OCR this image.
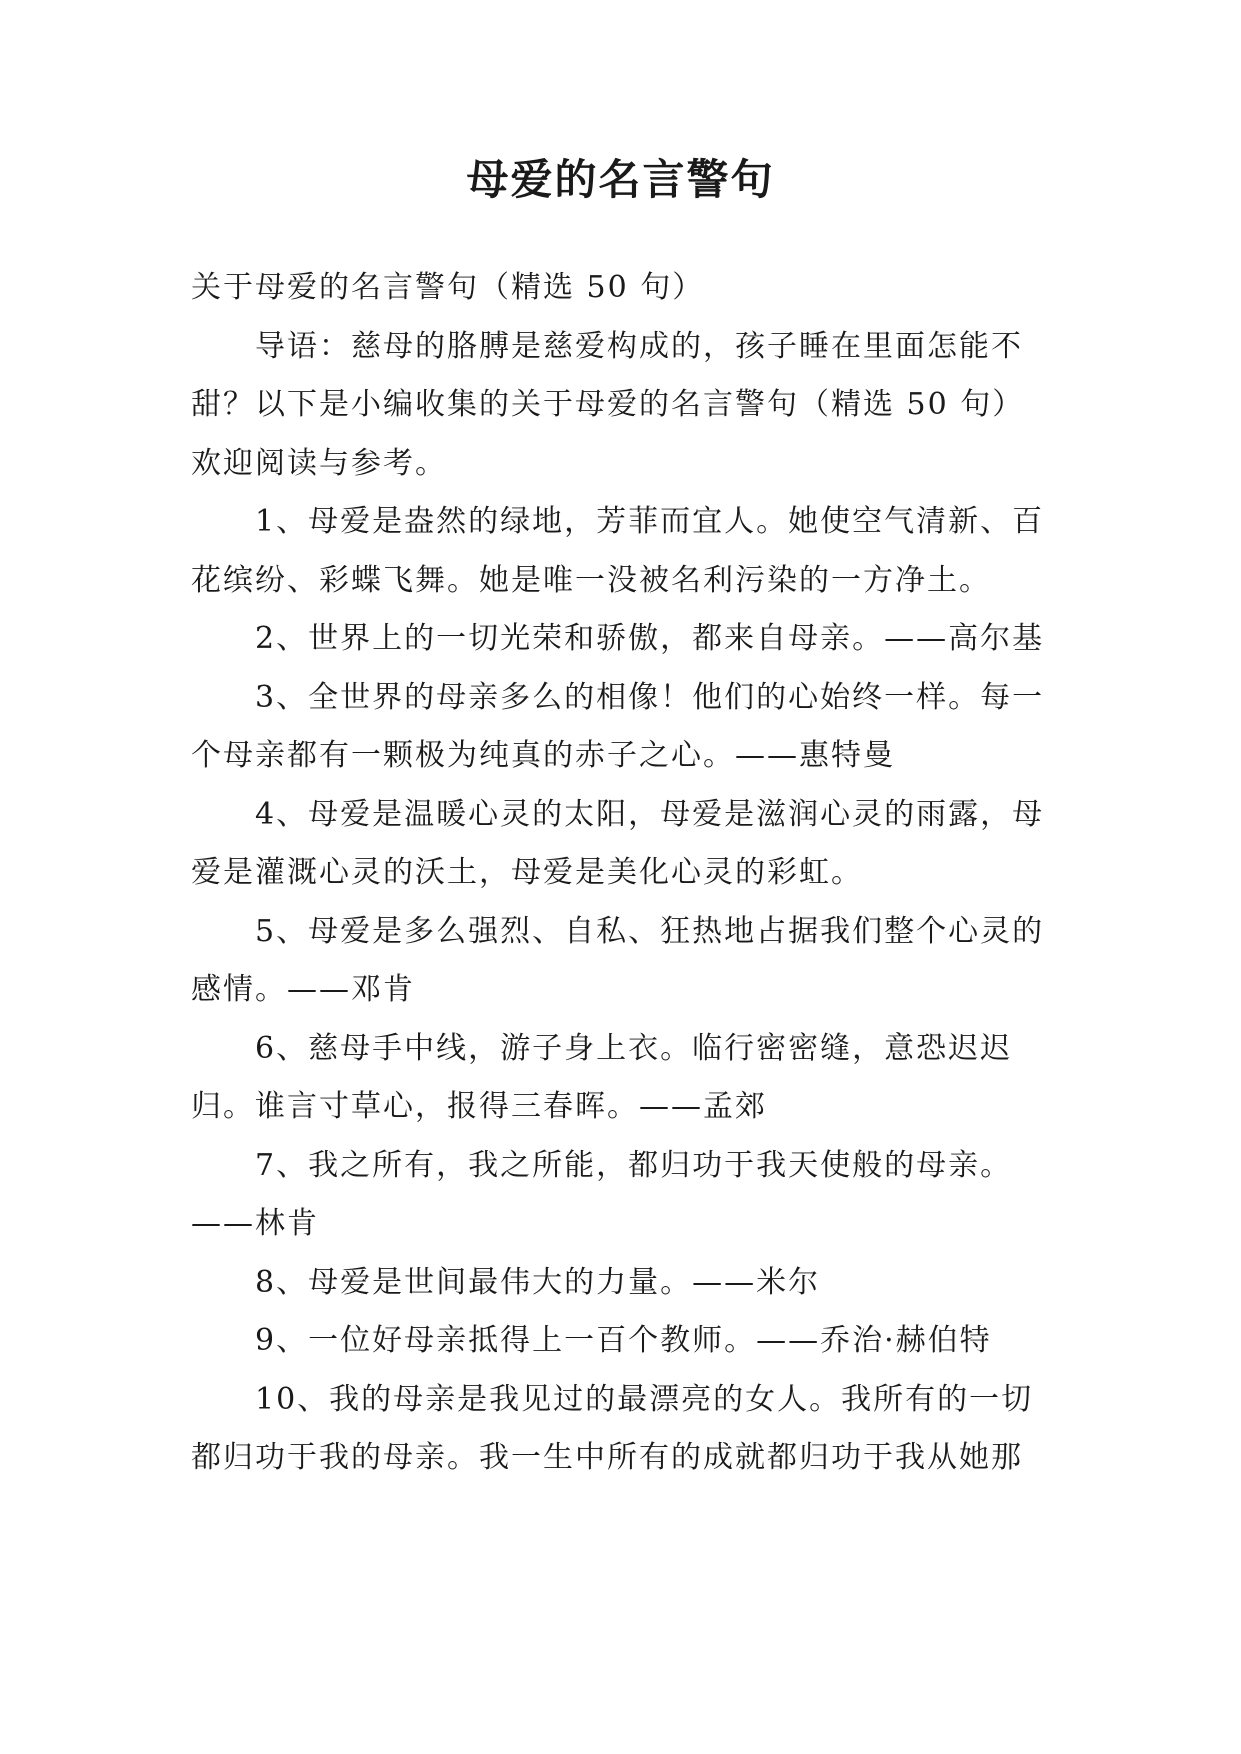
母爱的名言警句

关于母爱的名言警句（精选 50 句）

导语：慈母的胳膊是慈爱构成的，孩子睡在里面怎能不甜？以下是小编收集的关于母爱的名言警句（精选 50 句）欢迎阅读与参考。

1、母爱是盎然的绿地，芳菲而宜人。她使空气清新、百花缤纷、彩蝶飞舞。她是唯一没被名利污染的一方净土。

2、世界上的一切光荣和骄傲，都来自母亲。——高尔基

3、全世界的母亲多么的相像！他们的心始终一样。每一个母亲都有一颗极为纯真的赤子之心。——惠特曼

4、母爱是温暖心灵的太阳，母爱是滋润心灵的雨露，母爱是灌溉心灵的沃土，母爱是美化心灵的彩虹。

5、母爱是多么强烈、自私、狂热地占据我们整个心灵的感情。——邓肯

6、慈母手中线，游子身上衣。临行密密缝，意恐迟迟归。谁言寸草心，报得三春晖。——孟郊

7、我之所有，我之所能，都归功于我天使般的母亲。——林肯

8、母爱是世间最伟大的力量。——米尔

9、一位好母亲抵得上一百个教师。——乔治·赫伯特

10、我的母亲是我见过的最漂亮的女人。我所有的一切都归功于我的母亲。我一生中所有的成就都归功于我从她那
